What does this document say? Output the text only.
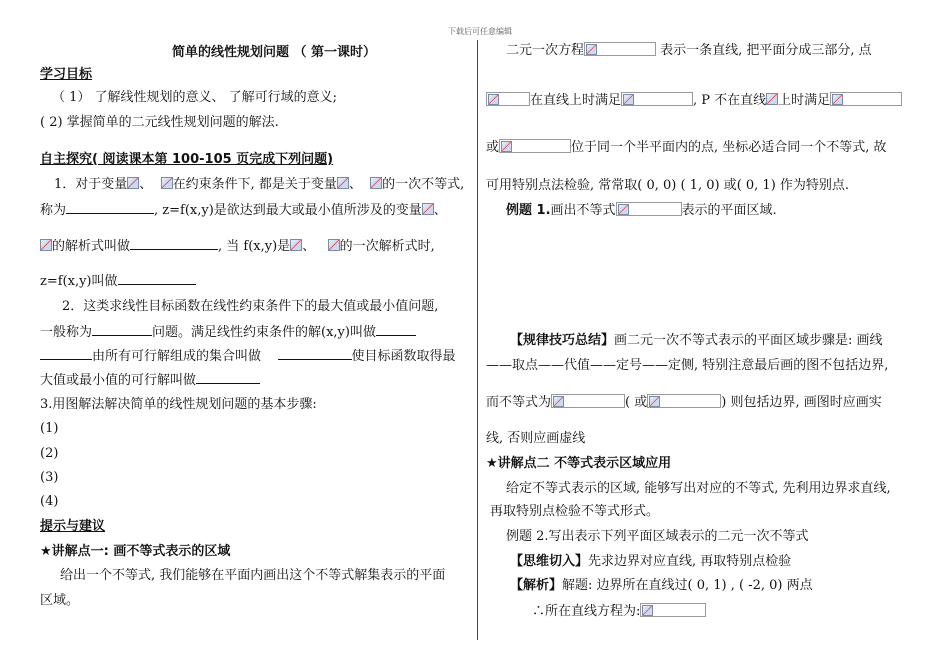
下载后可任意编辑
简单的线性规划问题 （ 第一课时）
学习目标
（ 1） 了解线性规划的意义、 了解可行域的意义;
( 2) 掌握简单的二元线性规划问题的解法.
自主探究( 阅读课本第 100-105 页完成下列问题)
1．对于变量 、 在约束条件下, 都是关于变量 、 的一次不等式,
称为	, z=f(x,y)是欲达到最大或最小值所涉及的变量 、
的解析式叫做	, 当 f(x,y)是 、 的一次解析式时,
z=f(x,y)叫做
2．这类求线性目标函数在线性约束条件下的最大值或最小值问题,
一般称为	问题。满足线性约束条件的解(x,y)叫做
由所有可行解组成的集合叫做	使目标函数取得最
大值或最小值的可行解叫做
3.用图解法解决简单的线性规划问题的基本步骤:
(1)
(2)
(3)
(4)
提示与建议
★讲解点一: 画不等式表示的区域
给出一个不等式, 我们能够在平面内画出这个不等式解集表示的平面
区域。
二元一次方程	表示一条直线, 把平面分成三部分, 点
在直线上时满足	, P 不在直线 上时满足
或	位于同一个半平面内的点, 坐标必适合同一个不等式, 故
可用特别点法检验, 常常取( 0, 0) ( 1, 0) 或( 0, 1) 作为特别点.
例题 1.画出不等式	表示的平面区域.
【规律技巧总结】画二元一次不等式表示的平面区域步骤是: 画线
——取点——代值——定号——定侧, 特别注意最后画的图不包括边界,
而不等式为	( 或	) 则包括边界, 画图时应画实
线, 否则应画虚线
★讲解点二 不等式表示区域应用
给定不等式表示的区域, 能够写出对应的不等式, 先利用边界求直线,
再取特别点检验不等式形式。
例题 2.写出表示下列平面区域表示的二元一次不等式
【思维切入】先求边界对应直线, 再取特别点检验
【解析】解题: 边界所在直线过( 0, 1) , ( -2, 0) 两点
∴所在直线方程为:
